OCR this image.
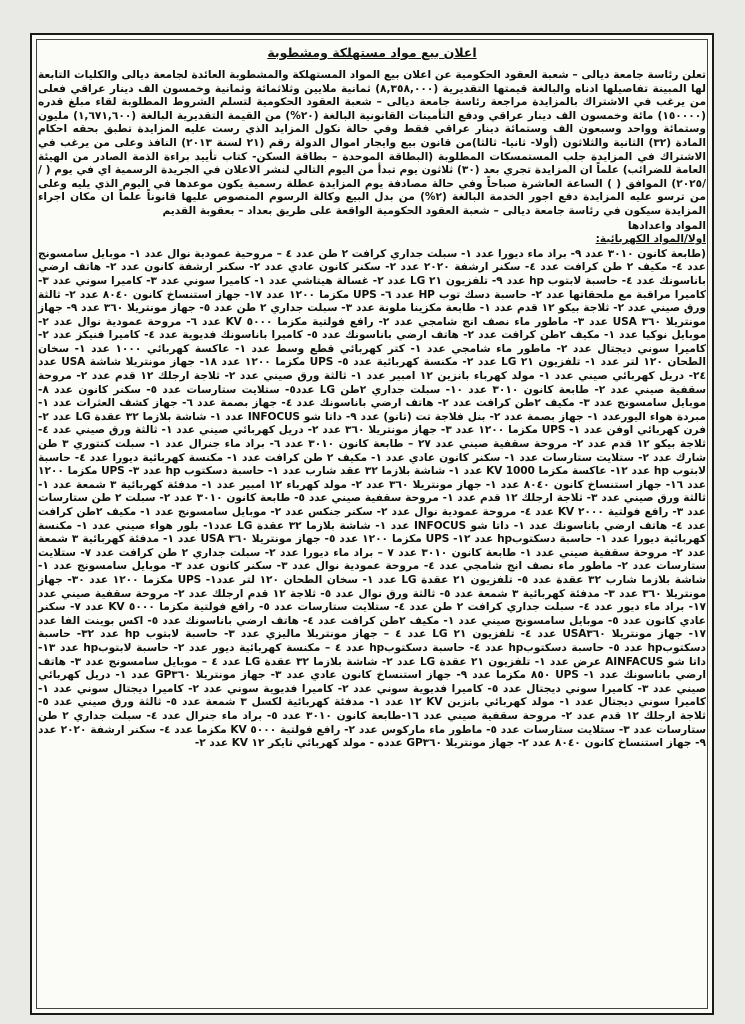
اعلان بيع مواد مستهلكة ومشطوبة

تعلن رئاسة جامعة ديالى – شعبة العقود الحكومية عن اعلان بيع المواد المستهلكة والمشطوبة العائدة لجامعة ديالى والكليات التابعة لها المبينة تفاصيلها ادناه والبالغة قيمتها التقديرية (٨,٣٥٨,٠٠٠) ثمانية ملايين وثلاثمائة وثمانية وخمسون الف دينار عراقي فعلى من يرغب في الاشتراك بالمزايدة مراجعة رئاسة جامعة ديالى – شعبة العقود الحكومية لتسلم الشروط المطلوبة لقاء مبلغ قدره (١٥٠٠٠٠) مائة وخمسون الف دينار عراقي ودفع التأمينات القانونية البالغة (٢٠%) من القيمة التقديرية البالغة (١,٦٧١,٦٠٠) مليون وستمائة وواحد وسبعون الف وستمائة دينار عراقي فقط وفي حالة نكول المزايد الذي رست عليه المزايدة تطبق بحقه احكام المادة (٣٢) الثانية والثلاثون (أولا- ثانيا- ثالثا)من قانون بيع وايجار اموال الدولة رقم (٢١ لسنة ٢٠١٣) النافذ وعلى من يرغب في الاشتراك في المزايدة جلب المستمسكات المطلوبة (البطاقة الموحدة – بطاقة السكن- كتاب تأييد براءة الذمة الصادر من الهيئة العامة للضرائب) علماً ان المزايدة تجري بعد (٣٠) ثلاثون يوم تبدأ من اليوم التالي لنشر الاعلان في الجريدة الرسمية اي في يوم ( / /٢٠٢٥) الموافق ( ) الساعة العاشرة صباحاً وفي حالة مصادفة يوم المزايدة عطلة رسمية يكون موعدها في اليوم الذي يليه وعلى من ترسو عليه المزايدة دفع اجور الخدمة البالغة (٢%) من بدل البيع وكالة الرسوم المنصوص عليها قانوناً علماً ان مكان اجراء المزايدة سيكون في رئاسة جامعة ديالى – شعبة العقود الحكومية الواقعة على طريق بعداد – بعقوبة القديم

المواد واعدادها

اولا/المواد الكهربائية:

(طابعة كانون ٣٠١٠ عدد ٩- براد ماء ديورا عدد ١- سبلت جداري كرافت ٢ طن عدد ٤ – مروحية عمودية نوال عدد ١- موبايل سامسونج عدد ٤- مكيف ٢ طن كرافت عدد ٤- سكنر ارشفة ٢٠٢٠ عدد ٢- سكنر كانون عادي عدد ٢- سكنر ارشفة كانون عدد ٢- هاتف ارضي باناسونك عدد ٤- حاسبة لابتوب hp عدد ٩- تلفزيون ٢١ LG عدد ٢- غسالة هيتاشي عدد ١- كاميرا سوني عدد ٣- كاميرا سوني عدد ٣- كاميرا مراقبة مع ملحقاتها عدد ٢- حاسبة دسك توب HP عدد ٦- UPS مكزما ١٢٠٠ عدد ١٧- جهاز استنساخ كانون ٨٠٤٠ عدد ٢- ثالثة ورق صيني عدد ٢- ثلاجة بيكو ١٢ قدم عدد ١- طابعة مكزينا ملونة عدد ٣- سبلت جداري ٢ طن عدد ٥- جهاز مونتريلا ٣٦٠ عدد ٩- جهاز مونتريلا ٣٦٠ USA عدد ٣- ماطور ماء نصف انج شامجي عدد ٢- رافع فولتية مكزما ٥٠٠٠ KV عدد ٦- مروحة عمودية نوال عدد ٢- موبايل نوكيا عدد ١- مكيف ٢طن كرافت عدد ٢- هاتف ارضي باناسونك عدد ٥- كاميرا باناسونك فديوية عدد ٤- كاميرا فنيكز عدد ٢- كاميرا سوني ديجتال عدد ٢- ماطور ماء شامجي عدد ١- كتر كهربائي قطع وسط عدد ١- عاكسة كهربائي ١٠٠٠ عدد ١- سخان الطحان ١٢٠ لتر عدد ١- تلفزيون ٢١ LG عدد ٢- مكنسة كهربائية عدد ٥- UPS مكزما ١٢٠٠ عدد ١٨- جهاز مونتريلا شاشة USA عدد ٢٤- دريل كهربائي صيني عدد ١- مولد كهرباء بانزين ١٢ امبير عدد ١- ثالثة ورق صيني عدد ٢- ثلاجة ارجلك ١٢ قدم عدد ٢- مروحة سقفية صيني عدد ٢- طابعة كانون ٣٠١٠ عدد ١٠- سبلت جداري ٢طن LG عدد٥- ستلايت ستارسات عدد ٥- سكنر كانون عدد ٨- موبايل سامسونج عدد ٣- مكيف ٢طن كرافت عدد ٢- هاتف ارضي باناسونك عدد ٤- جهاز بصمة عدد ٦- جهاز كشف العثرات عدد ١- مبردة هواء اليورعدد ١- جهاز بصمة عدد ٢- بنل فلاجة تت (تانو) عدد ٩- داتا شو INFOCUS عدد ١- شاشة بلازما ٣٢ عقدة LG عدد ٢- فرن كهربائي اوفن عدد ١- UPS مكزما ١٢٠٠ عدد ٣- جهاز مونتريلا ٣٦٠ عدد ٢- دريل كهربائي صيني عدد ١- ثالثة ورق صيني عدد ٤- ثلاجة بيكو ١٢ قدم عدد ٢- مروحة سقفية صيني عدد ٢٧ – طابعة كانون ٣٠١٠ عدد ٦- براد ماء جنرال عدد ١- سبلت كنتوري ٣ طن شارك عدد ٢- ستلايت ستارسات عدد ١- سكنر كانون عادي عدد ١- مكيف ٢ طن كرافت عدد ١- مكنسة كهربائية ديورا عدد ٤- حاسبة لابتوب hp عدد ١٢- عاكسة مكزما KV 1000 عدد ١- شاشة بلازما ٣٢ عقد شارب عدد ١- حاسبة دسكتوب hp عدد ٣- UPS مكزما ١٢٠٠ عدد ١٦- جهاز استنساخ كانون ٨٠٤٠ عدد ١- جهاز مونتريلا ٣٦٠ عدد ٢- مولد كهرباء ١٢ امبير عدد ١- مدفئة كهربائية ٣ شمعة عدد ١- ثالثة ورق صيني عدد ٣- ثلاجة ارجلك ١٢ قدم عدد ١- مروحة سقفية صيني عدد ٥- طابعة كانون ٣٠١٠ عدد ٢- سبلت ٢ طن ستارسات عدد ٣- رافع فولتية ٢٠٠٠ KV عدد ٤- مروحة عمودية نوال عدد ٢- سكنر جنكس عدد ٢- موبايل سامسونج عدد ١- مكيف ٢طن كرافت عدد ٤- هاتف ارضي باناسونك عدد ١- داتا شو INFOCUS عدد ١- شاشة بلازما ٣٢ عقدة LG عدد١- بلور هواء صيني عدد ١- مكنسة كهربائية ديورا عدد ١- حاسبة دسكتوبhp عدد ١٢- UPS مكزما ١٢٠٠ عدد ٥- جهاز مونتريلا ٣٦٠ USA عدد ١- مدفئة كهربائية ٣ شمعة عدد ٢- مروحة سقفية صيني عدد ١- طابعة كانون ٣٠١٠ عدد ٧ – براد ماء ديورا عدد ٢- سبلت جداري ٢ طن كرافت عدد ٧- ستلايت ستارسات عدد ٢- ماطور ماء نصف انج شامجي عدد ٤- مروحة عمودية نوال عدد ٣- سكنر كانون عدد ٣- موبايل سامسونج عدد ١- شاشة بلازما شارب ٣٢ عقدة عدد ٥- تلفزيون ٢١ عقدة LG عدد ١- سخان الطحان ١٢٠ لتر عدد١- UPS مكزما ١٢٠٠ عدد ٣٠- جهاز مونتريلا ٣٦٠ عدد ٣- مدفئة كهربائية ٣ شمعة عدد ٥- ثالثة ورق نوال عدد ٥- ثلاجة ١٢ قدم ارجلك عدد ٢- مروحة سقفية صيني عدد ١٧- براد ماء ديور عدد ٤- سبلت جداري كرافت ٢ طن عدد ٤- ستلايت ستارسات عدد ٥- رافع فولتية مكزما ٥٠٠٠ KV عدد ٧- سكنر عادي كانون عدد ٥- موبايل سامسونج صيني عدد ١- مكيف ٢طن كرافت عدد ٤- هاتف ارضي باناسونك عدد ٥- اكس بوينت الفا عدد ١٧- جهاز مونتريلا USA٣٦٠ عدد ٤- تلفزيون ٢١ LG عدد ٤ – جهاز مونتريلا ماليزي عدد ٣- حاسبة لابتوب hp عدد ٣٢- حاسبة دسكتوبhp عدد ٥- حاسبة دسكتوبhp عدد ٤- حاسبة دسكتوبhp عدد ٤ – مكنسة كهربائية ديور عدد ٢- حاسبة لابتوبhp عدد ١٣- داتا شو AINFACUS عرض عدد ١- تلفزيون ٢١ عقدة LG عدد ٢- شاشة بلازما ٣٢ عقدة LG عدد ٤ – موبايل سامسونج عدد ٣- هاتف ارضي باناسونك عدد ١- UPS ٨٥٠ مكزما عدد ٩- جهاز استنساخ كانون عادي عدد ٣- جهاز مونتريلا GP٣٦٠ عدد ١- دريل كهربائي صيني عدد ٣- كاميرا سوني ديجتال عدد ٥- كاميرا فديوية سوني عدد ٢- كاميرا فديوية سوني عدد ٢- كاميرا ديجتال سوني عدد ١- كاميرا سوني ديجتال عدد ١- مولد كهربائي بانزين KV ١٢ عدد ١- مدفئة كهربائية لكسل ٣ شمعة عدد ٥- ثالثة ورق صيني عدد ٥- ثلاجة ارجلك ١٢ قدم عدد ٢- مروحة سقفية صيني عدد ١٦-طابعة كانون ٣٠١٠ عدد ٥- براد ماء جنرال عدد ٤- سبلت جداري ٢ طن ستارسات عدد ٣- ستلايت ستارسات عدد ٥- ماطور ماء ماركوس عدد ٢- رافع فولتية ٥٠٠٠ KV مكزما عدد ٤- سكنر ارشفة ٢٠٢٠ عدد ٩- جهاز استنساخ كانون ٨٠٤٠ عدد ٢- جهاز مونتريلا GP٣٦٠ عدده - مولد كهربائي تايكر ١٢ KV عدد ٢-
